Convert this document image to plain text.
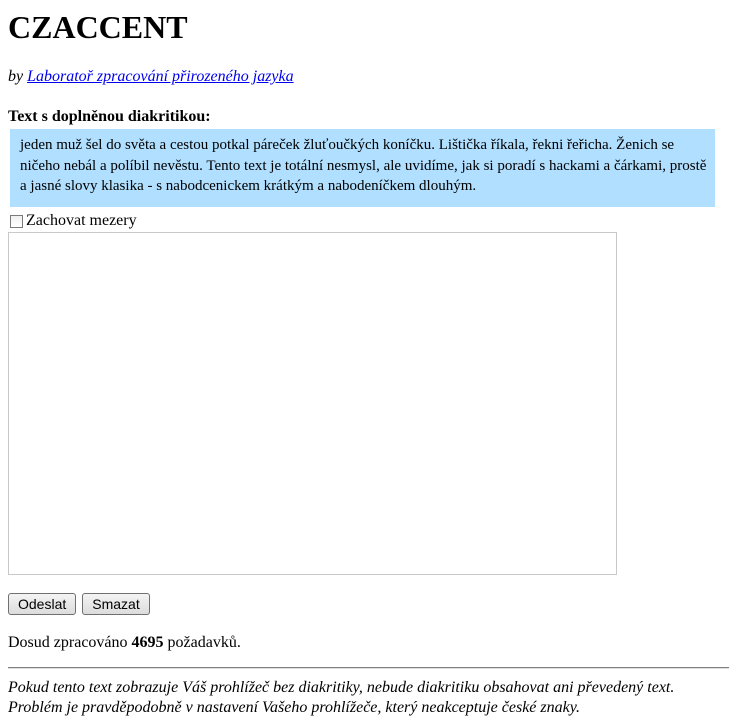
CZACCENT
by Laboratoř zpracování přirozeného jazyka
Text s doplněnou diakritikou:
jeden muž šel do světa a cestou potkal páreček žluťoučkých koníčku. Lištička říkala, řekni řeřicha. Ženich se ničeho nebál a políbil nevěstu. Tento text je totální nesmysl, ale uvidíme, jak si poradí s hackami a čárkami, prostě a jasné slovy klasika - s nabodcenickem krátkým a nabodeníčkem dlouhým.
Zachovat mezery
Odeslat	Smazat
Dosud zpracováno 4695 požadavků.
Pokud tento text zobrazuje Váš prohlížeč bez diakritiky, nebude diakritiku obsahovat ani převedený text.
Problém je pravděpodobně v nastavení Vašeho prohlížeče, který neakceptuje české znaky.
